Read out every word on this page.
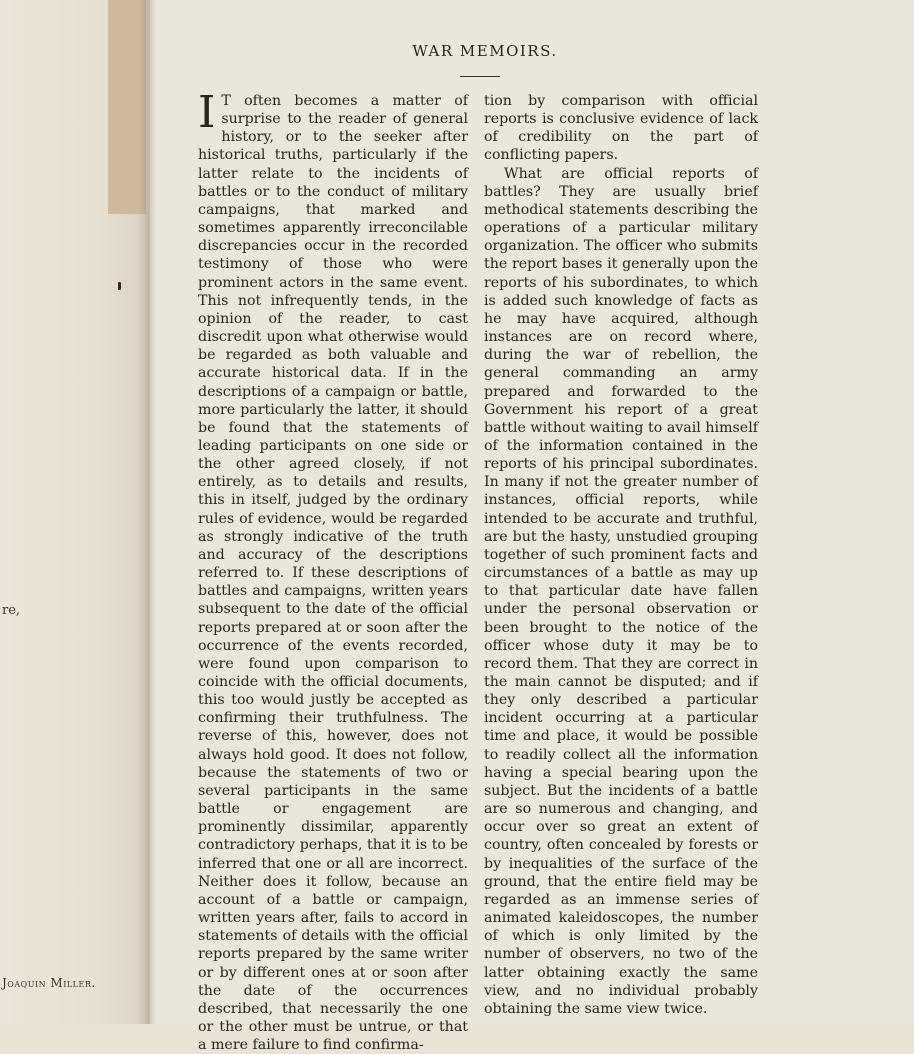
re,
Joaquin Miller.
WAR MEMOIRS.

I T often becomes a matter of surprise to the reader of general history, or to the seeker after historical truths, particularly if the latter relate to the incidents of battles or to the conduct of military campaigns, that marked and sometimes apparently irreconcilable discrepancies occur in the recorded testimony of those who were prominent actors in the same event. This not infrequently tends, in the opinion of the reader, to cast discredit upon what otherwise would be regarded as both valuable and accurate historical data. If in the descriptions of a campaign or battle, more particularly the latter, it should be found that the statements of leading participants on one side or the other agreed closely, if not entirely, as to details and results, this in itself, judged by the ordinary rules of evidence, would be regarded as strongly indicative of the truth and accuracy of the descriptions referred to. If these descriptions of battles and campaigns, written years subsequent to the date of the official reports prepared at or soon after the occurrence of the events recorded, were found upon comparison to coincide with the official documents, this too would justly be accepted as confirming their truthfulness. The reverse of this, however, does not always hold good. It does not follow, because the statements of two or several participants in the same battle or engagement are prominently dissimilar, apparently contradictory perhaps, that it is to be inferred that one or all are incorrect. Neither does it follow, because an account of a battle or campaign, written years after, fails to accord in statements of details with the official reports prepared by the same writer or by different ones at or soon after the date of the occurrences described, that necessarily the one or the other must be untrue, or that a mere failure to find confirma-

tion by comparison with official reports is conclusive evidence of lack of credibility on the part of conflicting papers.

What are official reports of battles? They are usually brief methodical statements describing the operations of a particular military organization. The officer who submits the report bases it generally upon the reports of his subordinates, to which is added such knowledge of facts as he may have acquired, although instances are on record where, during the war of rebellion, the general commanding an army prepared and forwarded to the Government his report of a great battle without waiting to avail himself of the information contained in the reports of his principal subordinates. In many if not the greater number of instances, official reports, while intended to be accurate and truthful, are but the hasty, unstudied grouping together of such prominent facts and circumstances of a battle as may up to that particular date have fallen under the personal observation or been brought to the notice of the officer whose duty it may be to record them. That they are correct in the main cannot be disputed; and if they only described a particular incident occurring at a particular time and place, it would be possible to readily collect all the information having a special bearing upon the subject. But the incidents of a battle are so numerous and changing, and occur over so great an extent of country, often concealed by forests or by inequalities of the surface of the ground, that the entire field may be regarded as an immense series of animated kaleidoscopes, the number of which is only limited by the number of observers, no two of the latter obtaining exactly the same view, and no individual probably obtaining the same view twice.
